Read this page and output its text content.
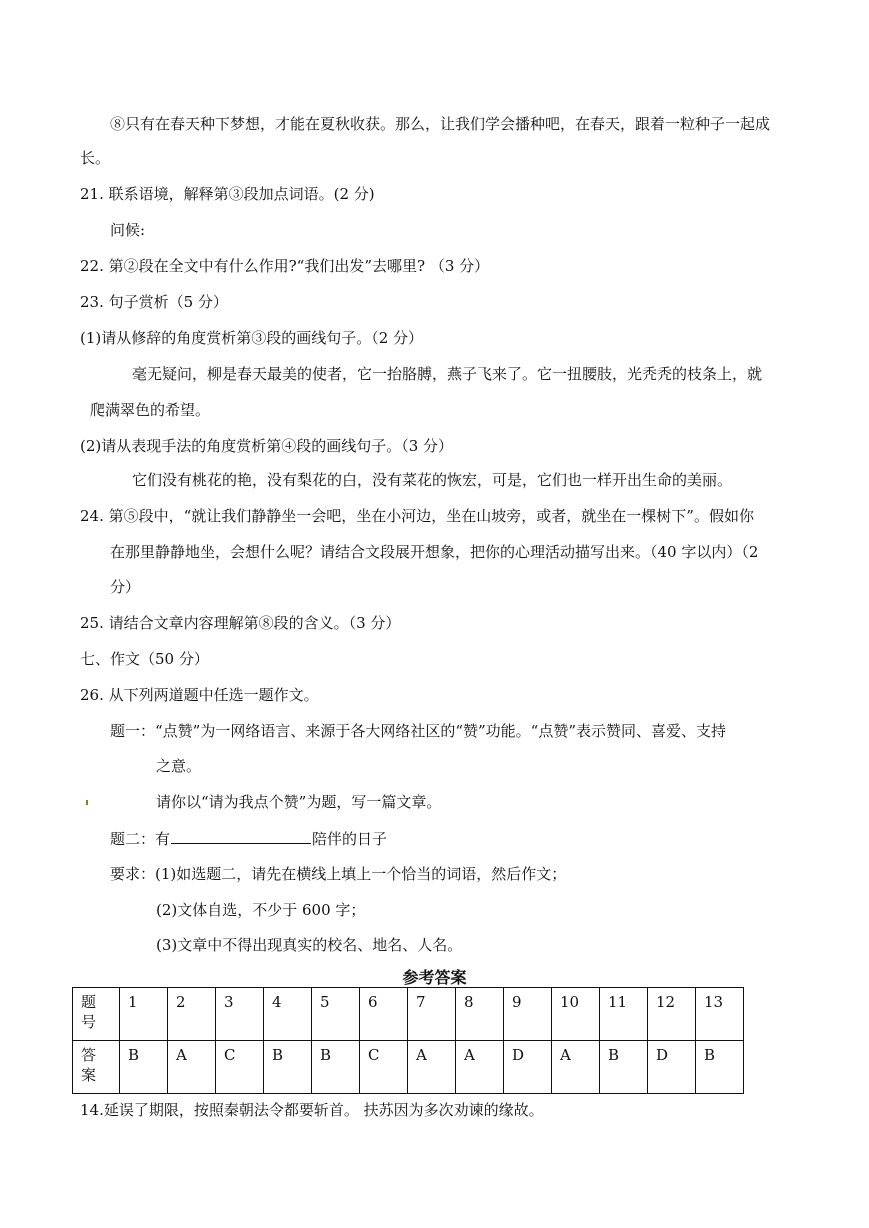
⑧只有在春天种下梦想，才能在夏秋收获。那么，让我们学会播种吧，在春天，跟着一粒种子一起成
长。
21. 联系语境，解释第③段加点词语。(2 分)
问候:
22. 第②段在全文中有什么作用?“我们出发”去哪里? （3 分）
23. 句子赏析（5 分）
(1)请从修辞的角度赏析第③段的画线句子。（2 分）
毫无疑问，柳是春天最美的使者，它一抬胳膊，燕子飞来了。它一扭腰肢，光秃秃的枝条上，就
爬满翠色的希望。
(2)请从表现手法的角度赏析第④段的画线句子。（3 分）
它们没有桃花的艳，没有梨花的白，没有菜花的恢宏，可是，它们也一样开出生命的美丽。
24. 第⑤段中，“就让我们静静坐一会吧，坐在小河边，坐在山坡旁，或者，就坐在一棵树下”。假如你
在那里静静地坐，会想什么呢？请结合文段展开想象，把你的心理活动描写出来。（40 字以内）（2
分）
25. 请结合文章内容理解第⑧段的含义。（3 分）
七、作文（50 分）
26. 从下列两道题中任选一题作文。
题一：“点赞”为一网络语言、来源于各大网络社区的“赞”功能。“点赞”表示赞同、喜爱、支持
之意。
请你以“请为我点个赞”为题，写一篇文章。
题二：有	陪伴的日子
要求：(1)如选题二，请先在横线上填上一个恰当的词语，然后作文；
(2)文体自选，不少于 600 字；
(3)文章中不得出现真实的校名、地名、人名。
参考答案
题
号	1	2	3	4	5	6	7	8	9	10	11	12	13
答
案	B	A	C	B	B	C	A	A	D	A	B	D	B
14.延误了期限，按照秦朝法令都要斩首。 扶苏因为多次劝谏的缘故。
